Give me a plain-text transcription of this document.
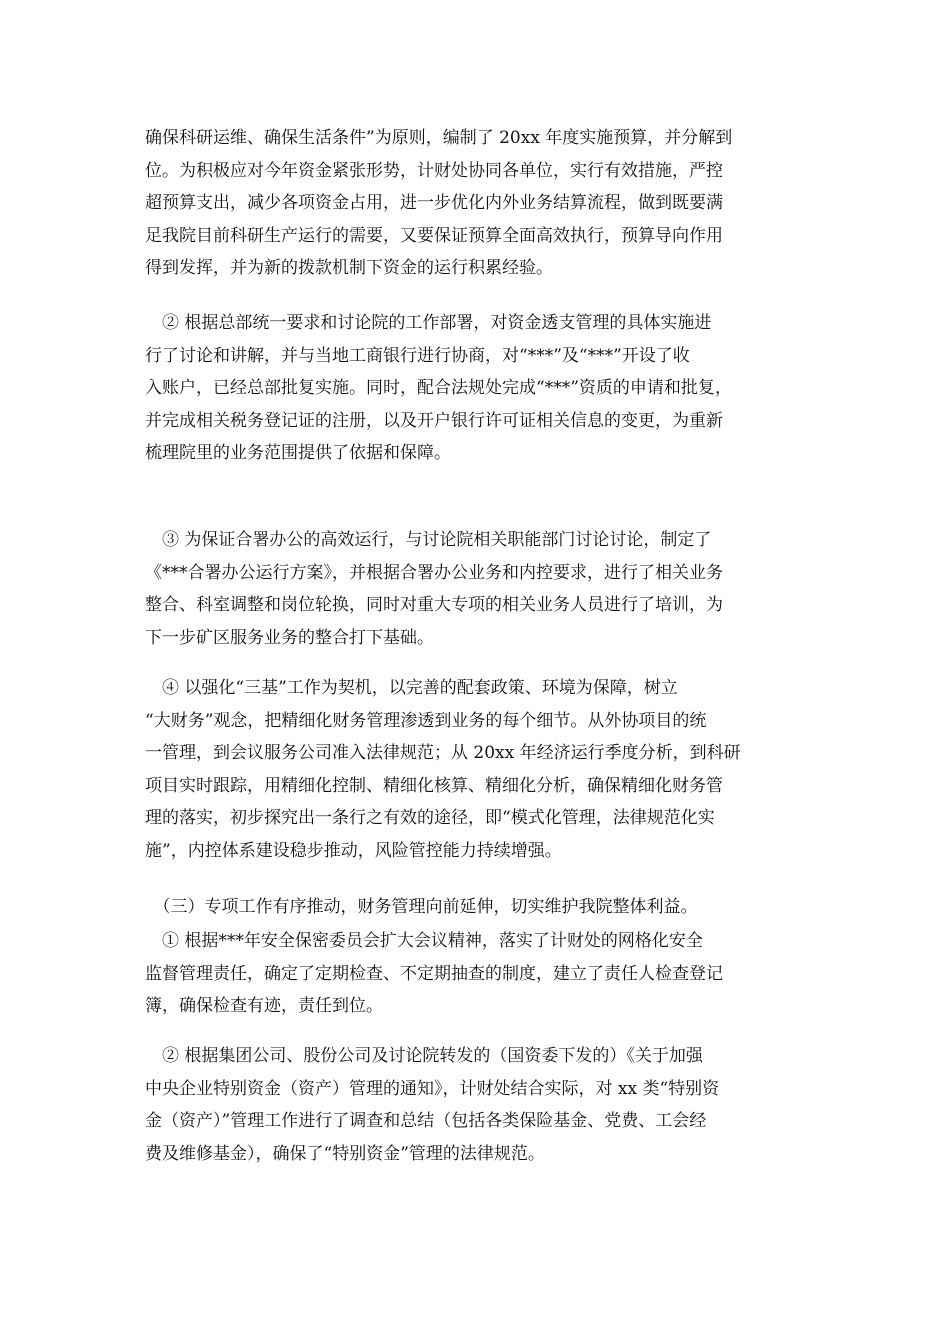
确保科研运维、确保生活条件”为原则，编制了 20xx 年度实施预算，并分解到
位。为积极应对今年资金紧张形势，计财处协同各单位，实行有效措施，严控
超预算支出，减少各项资金占用，进一步优化内外业务结算流程，做到既要满
足我院目前科研生产运行的需要，又要保证预算全面高效执行，预算导向作用
得到发挥，并为新的拨款机制下资金的运行积累经验。

　② 根据总部统一要求和讨论院的工作部署，对资金透支管理的具体实施进
行了讨论和讲解，并与当地工商银行进行协商，对“***”及“***”开设了收
入账户，已经总部批复实施。同时，配合法规处完成“***”资质的申请和批复，
并完成相关税务登记证的注册，以及开户银行许可证相关信息的变更，为重新
梳理院里的业务范围提供了依据和保障。

　③ 为保证合署办公的高效运行，与讨论院相关职能部门讨论讨论，制定了
《***合署办公运行方案》，并根据合署办公业务和内控要求，进行了相关业务
整合、科室调整和岗位轮换，同时对重大专项的相关业务人员进行了培训，为
下一步矿区服务业务的整合打下基础。

　④ 以强化“三基”工作为契机，以完善的配套政策、环境为保障，树立
“大财务”观念，把精细化财务管理渗透到业务的每个细节。从外协项目的统
一管理，到会议服务公司准入法律规范；从 20xx 年经济运行季度分析，到科研
项目实时跟踪，用精细化控制、精细化核算、精细化分析，确保精细化财务管
理的落实，初步探究出一条行之有效的途径，即“模式化管理，法律规范化实
施”，内控体系建设稳步推动，风险管控能力持续增强。

　（三）专项工作有序推动，财务管理向前延伸，切实维护我院整体利益。

　① 根据***年安全保密委员会扩大会议精神，落实了计财处的网格化安全
监督管理责任，确定了定期检查、不定期抽查的制度，建立了责任人检查登记
簿，确保检查有迹，责任到位。

　② 根据集团公司、股份公司及讨论院转发的（国资委下发的）《关于加强
中央企业特别资金（资产）管理的通知》，计财处结合实际，对 xx 类“特别资
金（资产）”管理工作进行了调查和总结（包括各类保险基金、党费、工会经
费及维修基金），确保了“特别资金”管理的法律规范。
